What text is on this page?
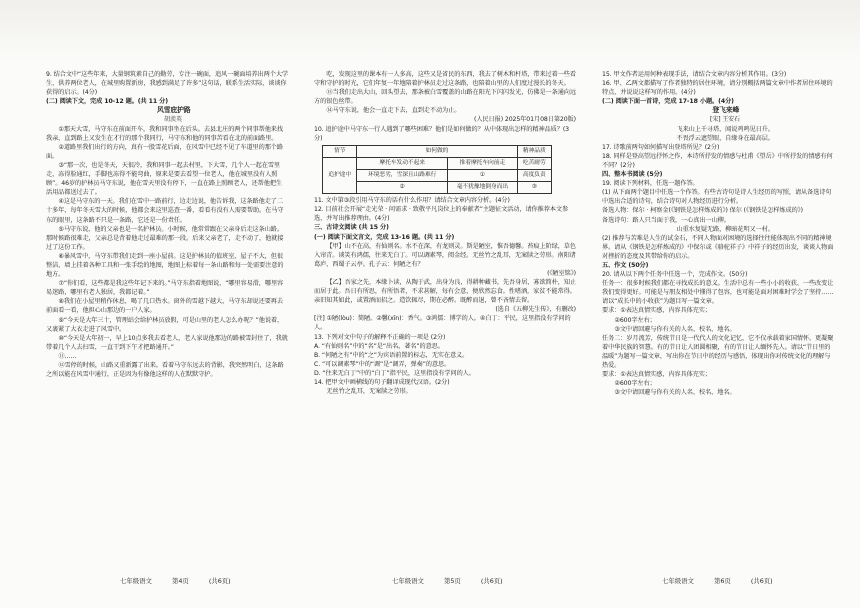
9. 结合文中“这些年来，大量钢筑素自己的勤劳，专注一碗面，追风一碗面培养出两个大学生，供养两位老人，在城里购置新房，我感到满足了许多”这句话，联系生活实际，谈谈你获得的启示。(4分)

(二) 阅读下文，完成 10-12 题。(共 11 分)

风雪庇护路

胡羡英

①那天大雪，马守东在前面开车，我和同事坐在后头。去县北庄的两个同事帮他来找我亲，直到路上又发生在才行的那个我同行，马守东和他的同事苦看在北的前面路里。

②道路里我们出行的方向，真有一股雪花后面，在风雪中已经不见了车道里的那个路面。

③“那一次，也是冬天，天很冷，我和同事一起去村里，下大雪，几个人一起在雪里走，冻得脸通红，手脚也冻得不能弯曲，原来是要去看望一位老人，他在城里没有人照顾”。46岁的护林员马守东说，他在雪天里没有停下，一直在路上照顾老人，还帮他把生活用品都送过去了。

④这是马守东的一天。我们在雪中一路前行，边走边说，他告诉我，这条路他走了二十多年，每年冬天雪大的时候，他都会来这里巡查一番，看看有没有人需要帮助。在马守东的眼里，这条路不只是一条路，它还是一份责任。

⑤马守东说，他的父亲也是一名护林员。小时候，他常常跟在父亲身后走这条山路。那时候路很难走，父亲总是背着他走过最难的那一段。后来父亲老了，走不动了，他就接过了这份工作。

⑥暴风雪中，马守东带我们走到一座小屋前。这是护林员的值班室，屋子不大，但很整洁，墙上挂着各种工具和一张手绘的地图，地图上标着每一条山路和每一处需要注意的地方。

⑦“你们看，这些都是我这些年记下来的。”马守东指着地图说，“哪里容易滑，哪里容易迷路，哪里有老人独居，我都记着。”

⑧我们在小屋里稍作休息，喝了几口热水。窗外的雪越下越大，马守东却说还要再去前面看一看，他担心山那边的一户人家。

⑨“今天是大年三十，管理站会给护林员放假，可是山里的老人怎么办呢？”他说着，又裹紧了大衣走进了风雪中。

⑩“今天是大年初一，早上10点多我去看老人，老人家说他那边的路被雪封住了，我就带着几个人去扫雪，一直干到下午才把路通开。”

⑪……

⑫雪停的时候，山路又重新露了出来。看着马守东远去的背影，我突然明白，这条路之所以能在风雪中通行，正是因为有像他这样的人在默默守护。

吃，发现这里的课本有一人多高，这些又是省民的东西，我去了树木和杆塔，带来过着一些看守和守护的时光，它们年复一年地陪着护林员走过这条路，也陪着山里的人们度过漫长的冬天。

⑬当我们走出大山，回头望去，那条被白雪覆盖的山路在阳光下闪闪发光，仿佛是一条通向远方的银色丝带。

⑭马守东说，他会一直走下去，直到走不动为止。

(人民日报) 2025年01月08日第20版)

10. 追护途中马守东一行人遇到了哪些困难？他们是如何做的？从中体现出怎样的精神品质？(3分)

情节	如何做的		精神品质
追护途中	摩托车发动不起来	推着摩托车向前走	吃苦耐劳
	环境恶劣，雪深且山路难行	①	高度负责
	②	毫不犹豫地倒身而出	③

11. 文中第③段引用马守东的话有什么作用？请结合文章内容分析。(4分)

12. 目前社会开展“走光荣 · 问需求 · 致敬平凡岗位上的奉献者”主题征文活动，请你推荐本文参选，并写出推荐理由。(4分)

三、古诗文阅读 (共 15 分)

(一) 阅读下面文言文，完成 13-16 题。(共 11 分)

【甲】山不在高，有仙则名。水不在深，有龙则灵。斯是陋室，惟吾德馨。苔痕上阶绿，草色入帘青。谈笑有鸿儒，往来无白丁。可以调素琴，阅金经。无丝竹之乱耳，无案牍之劳形。南阳诸葛庐，西蜀子云亭。孔子云：何陋之有？

(《陋室铭》)

【乙】吾家之先，本缘卜读，从陶于武，出身为良，得耕种藏书，先吾身居，寡欲简朴，知止而居于此。吾日有所思，有所悟者，不求甚解，每有会意，便欣然忘食。性嗜酒，家贫不能常得。亲旧知其如此，或置酒而招之。造饮辄尽，期在必醉。既醉而退，曾不吝情去留。

(选自《五柳先生传》，有删改)

[注] ①陋(lòu)：简陋。②馨(xīn)：香气。③鸿儒：博学的人。④白丁：平民，这里指没有学问的人。

13. 下列对文中句子的解释不正确的一项是 (2分)

A. “有仙则名”中的“名”是“出名，著名”的意思。

B. “何陋之有”中的“之”为宾语前置的标志，无实在意义。

C. “可以调素琴”中的“调”是“调弄，弹奏”的意思。

D. “往来无白丁”中的“白丁”指平民，这里指没有学问的人。

14. 把甲文中画横线的句子翻译成现代汉语。(2分)

无丝竹之乱耳，无案牍之劳形。

15. 甲文作者运用何种表现手法，请结合文章内容分析其作用。(3分)

16. 甲、乙两文都描写了作者独特的居住环境，请分别概括两篇文章中作者居住环境的特点，并说说这样写的作用。(4分)

(二) 阅读下面一首诗，完成 17-18 小题。(4分)

登飞来峰

[宋] 王安石

飞来山上千寻塔，闻说鸡鸣见日升。

不畏浮云遮望眼，自缘身在最高层。

17. 诗歌前两句如何描写出登塔所见？(2分)

18. 同样是登高望远抒怀之作，本诗所抒发的情感与杜甫《望岳》中所抒发的情感有何不同？(2分)

四、整本书阅读 (5分)

19. 阅读下列材料，任选一题作答。

(1) 从下面两个题目中任选一个作答。有些古诗句是诗人生经历的写照，请从备选诗句中选出合适的诗句，结合诗句对人物经历进行分析。

备选人物：保尔 · 柯察金(《钢铁是怎样炼成的》) 保尔 (《钢铁是怎样炼成的》)

备选诗句：路人只当面于我，一心真出一山柳。

山重水复疑无路，柳暗花明又一村。

(2) 推荐与苦难是人生的试金石，不同人物面对困境的选择往往能体现出不同的精神境界。请从《钢铁是怎样炼成的》中保尔或《骆驼祥子》中祥子的经历出发，谈谈人物面对挫折的态度及其带给你的启示。

五、作文 (50分)

20. 请从以下两个任务中任选一个，完成作文。(50分)

任务一：很多时候我们都在寻找成长的意义。生活中总有一些小小的收获、一些改变让我们变得更好。可能是与朋友相处中懂得了包容，也可能是面对困难时学会了坚持……请以“成长中的小收获”为题目写一篇文章。

要求：①表达真情实感，内容具体充实；

②600字左右；

③文中请回避与你有关的人名、校名、地名。

任务二：岁月流芳，传统节日是一代代人的文化记忆，它不仅承载着家国情怀，更凝聚着中华民族的智慧。有的节日让人团圆相聚，有的节日让人缅怀先人。请以“节日里的温暖”为题写一篇文章，写出你在节日中的经历与感悟，体现出你对传统文化的理解与热爱。

要求：①表达真情实感，内容具体充实；

②600字左右；

③文中请回避与你有关的人名、校名、地名。

七年级语文	第4页	(共6页)	七年级语文	第5页	(共6页)	七年级语文	第6页	(共6页)
